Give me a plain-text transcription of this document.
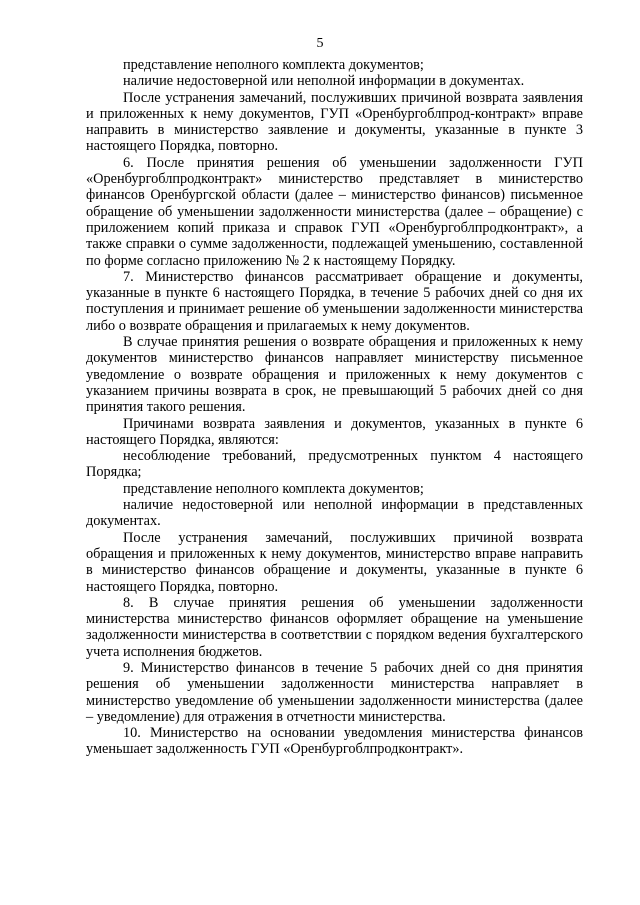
5

представление неполного комплекта документов;

наличие недостоверной или неполной информации в документах.

После устранения замечаний, послуживших причиной возврата заявления и приложенных к нему документов, ГУП «Оренбургоблпрод-контракт» вправе направить в министерство заявление и документы, указанные в пункте 3 настоящего Порядка, повторно.

6. После принятия решения об уменьшении задолженности ГУП «Оренбургоблпродконтракт» министерство представляет в министерство финансов Оренбургской области (далее – министерство финансов) письменное обращение об уменьшении задолженности министерства (далее – обращение) с приложением копий приказа и справок ГУП «Оренбургоблпродконтракт», а также справки о сумме задолженности, подлежащей уменьшению, составленной по форме согласно приложению № 2 к настоящему Порядку.

7. Министерство финансов рассматривает обращение и документы, указанные в пункте 6 настоящего Порядка, в течение 5 рабочих дней со дня их поступления и принимает решение об уменьшении задолженности министерства либо о возврате обращения и прилагаемых к нему документов.

В случае принятия решения о возврате обращения и приложенных к нему документов министерство финансов направляет министерству письменное уведомление о возврате обращения и приложенных к нему документов с указанием причины возврата в срок, не превышающий 5 рабочих дней со дня принятия такого решения.

Причинами возврата заявления и документов, указанных в пункте 6 настоящего Порядка, являются:

несоблюдение требований, предусмотренных пунктом 4 настоящего Порядка;

представление неполного комплекта документов;

наличие недостоверной или неполной информации в представленных документах.

После устранения замечаний, послуживших причиной возврата обращения и приложенных к нему документов, министерство вправе направить в министерство финансов обращение и документы, указанные в пункте 6 настоящего Порядка, повторно.

8. В случае принятия решения об уменьшении задолженности министерства министерство финансов оформляет обращение на уменьшение задолженности министерства в соответствии с порядком ведения бухгалтерского учета исполнения бюджетов.

9. Министерство финансов в течение 5 рабочих дней со дня принятия решения об уменьшении задолженности министерства направляет в министерство уведомление об уменьшении задолженности министерства (далее – уведомление) для отражения в отчетности министерства.

10. Министерство на основании уведомления министерства финансов уменьшает задолженность ГУП «Оренбургоблпродконтракт».
